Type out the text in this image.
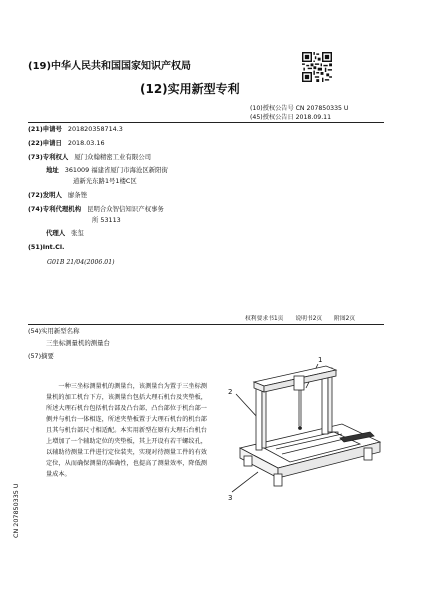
(19)中华人民共和国国家知识产权局
(12)实用新型专利
(10)授权公告号 CN 207850335 U
(45)授权公告日 2018.09.11
(21)申请号 201820358714.3
(22)申请日 2018.03.16
(73)专利权人 厦门众翰精密工业有限公司
地址 361009 福建省厦门市海沧区新阳街
道新光东路1号1楼C区
(72)发明人 廖条锉
(74)专利代理机构 昆明合众智信知识产权事务
所 53113
代理人 张玺
(51)Int.Cl.
G01B 21/04(2006.01)
权利要求书1页 说明书2页 附图2页
(54)实用新型名称
三坐标测量机的测量台
(57)摘要
一种三坐标测量机的测量台，该测量台为置于三坐标测量机的加工机台下方，该测量台包括大理石机台及夹垫板，所述大理石机台包括机台部及凸台部，凸台部位于机台部一侧并与机台一体相连，所述夹垫板置于大理石机台的机台部且其与机台部尺寸相适配。本实用新型在原有大理石台机台上增加了一个辅助定位的夹垫板，其上开设有若干螺纹孔，以辅助待测量工件进行定位装夹，实现对待测量工件的有效定位，从而确保测量的准确性，也提高了测量效率，降低测量成本。
1
2
3
CN 207850335 U
